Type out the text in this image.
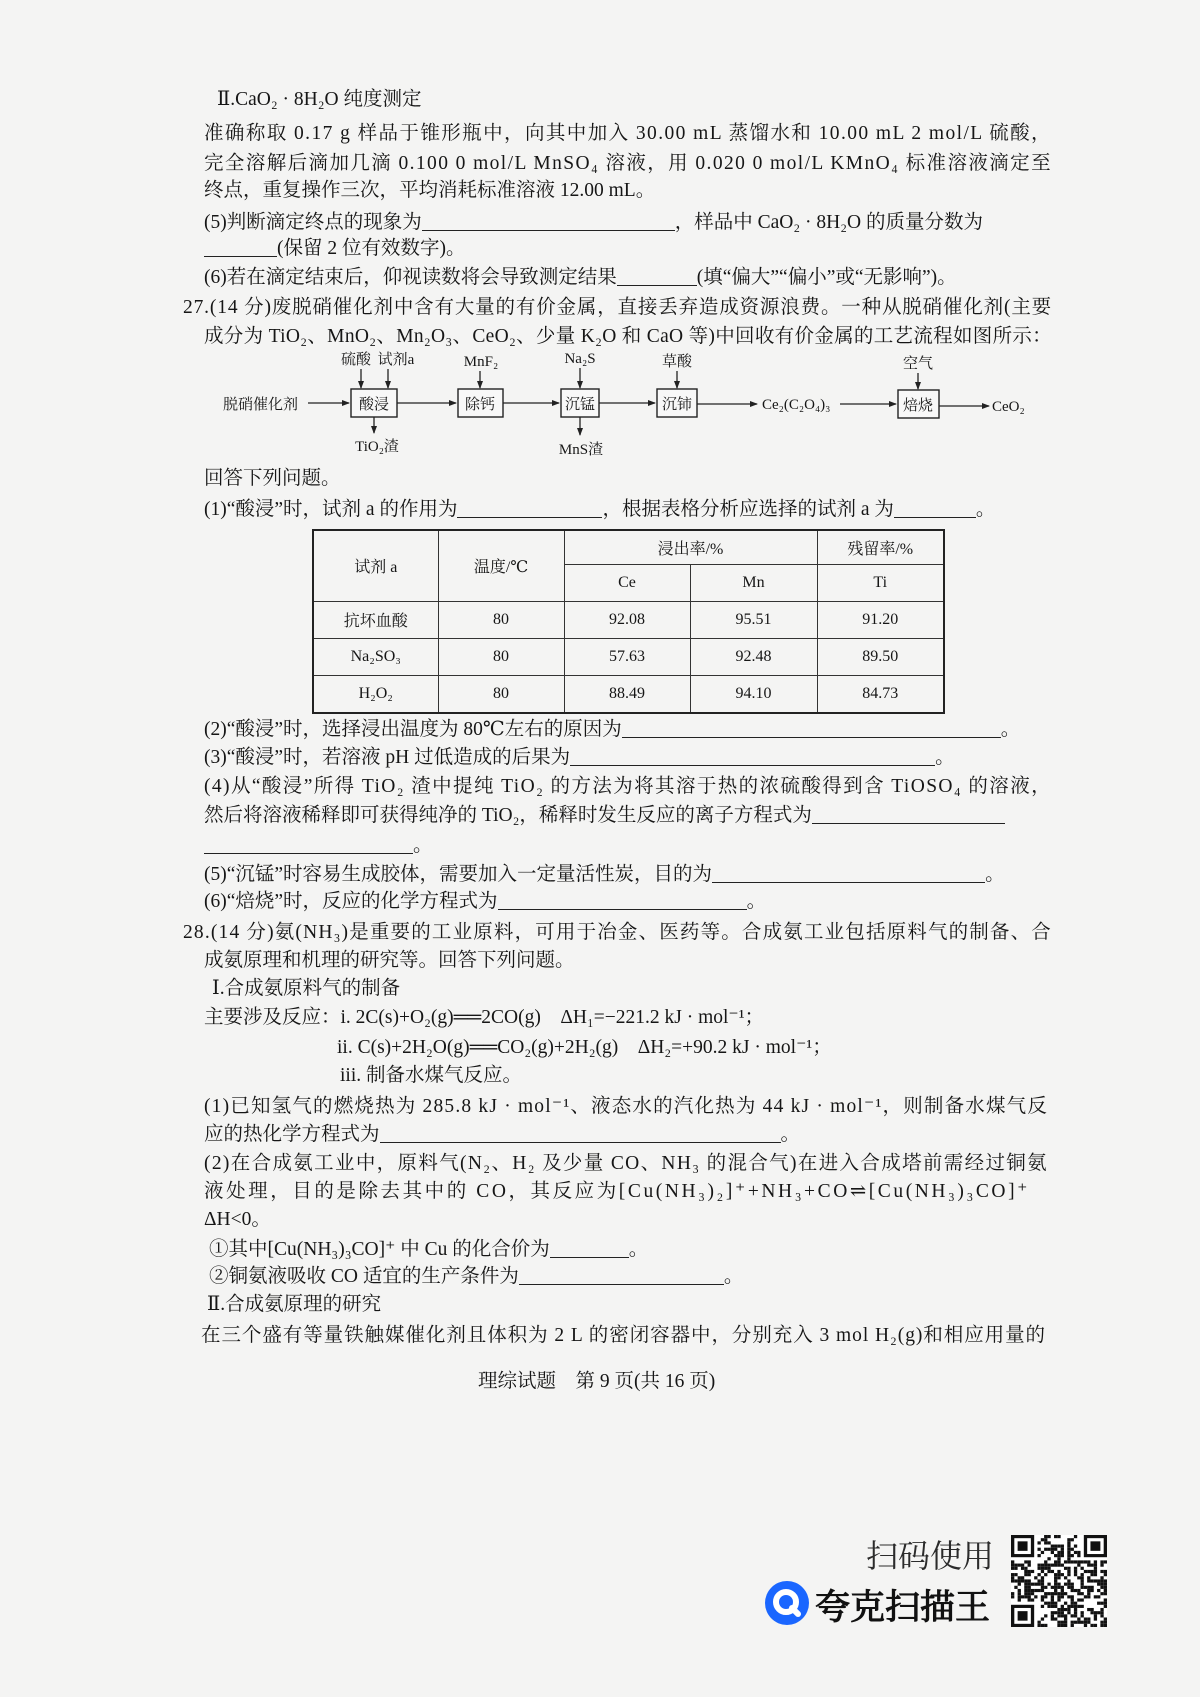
Ⅱ.CaO₂ · 8H₂O 纯度测定
准确称取 0.17 g 样品于锥形瓶中，向其中加入 30.00 mL 蒸馏水和 10.00 mL 2 mol/L 硫酸，
完全溶解后滴加几滴 0.100 0 mol/L MnSO₄ 溶液，用 0.020 0 mol/L KMnO₄ 标准溶液滴定至
终点，重复操作三次，平均消耗标准溶液 12.00 mL。
(5)判断滴定终点的现象为	，样品中 CaO₂ · 8H₂O 的质量分数为
(保留 2 位有效数字)。
(6)若在滴定结束后，仰视读数将会导致测定结果	(填“偏大”“偏小”或“无影响”)。
27.(14 分)废脱硝催化剂中含有大量的有价金属，直接丢弃造成资源浪费。一种从脱硝催化剂(主要
成分为 TiO₂、MnO₂、Mn₂O₃、CeO₂、少量 K₂O 和 CaO 等)中回收有价金属的工艺流程如图所示：
脱硝催化剂	酸浸
硫酸 试剂a
TiO₂渣
除钙
MnF₂
沉锰
Na₂S
MnS渣
沉铈
草酸
Ce₂(C₂O₄)₃	焙烧
空气
CeO₂
回答下列问题。
(1)“酸浸”时，试剂 a 的作用为	，根据表格分析应选择的试剂 a 为	。
试剂 a	温度/℃	浸出率/%		残留率/%
		Ce	Mn	Ti
抗坏血酸	80	92.08	95.51	91.20
Na₂SO₃	80	57.63	92.48	89.50
H₂O₂	80	88.49	94.10	84.73
(2)“酸浸”时，选择浸出温度为 80℃左右的原因为	。
(3)“酸浸”时，若溶液 pH 过低造成的后果为	。
(4)从“酸浸”所得 TiO₂ 渣中提纯 TiO₂ 的方法为将其溶于热的浓硫酸得到含 TiOSO₄ 的溶液，
然后将溶液稀释即可获得纯净的 TiO₂，稀释时发生反应的离子方程式为
。
(5)“沉锰”时容易生成胶体，需要加入一定量活性炭，目的为	。
(6)“焙烧”时，反应的化学方程式为	。
28.(14 分)氨(NH₃)是重要的工业原料，可用于冶金、医药等。合成氨工业包括原料气的制备、合
成氨原理和机理的研究等。回答下列问题。
Ⅰ.合成氨原料气的制备
主要涉及反应：i. 2C(s)+O₂(g)══2CO(g)　ΔH₁=−221.2 kJ · mol⁻¹；
ii. C(s)+2H₂O(g)══CO₂(g)+2H₂(g)　ΔH₂=+90.2 kJ · mol⁻¹；
iii. 制备水煤气反应。
(1)已知氢气的燃烧热为 285.8 kJ · mol⁻¹、液态水的汽化热为 44 kJ · mol⁻¹，则制备水煤气反
应的热化学方程式为	。
(2)在合成氨工业中，原料气(N₂、H₂ 及少量 CO、NH₃ 的混合气)在进入合成塔前需经过铜氨
液处理，目的是除去其中的 CO，其反应为[Cu(NH₃)₂]⁺+NH₃+CO⇌[Cu(NH₃)₃CO]⁺
ΔH<0。
①其中[Cu(NH₃)₃CO]⁺ 中 Cu 的化合价为	。
②铜氨液吸收 CO 适宜的生产条件为	。
Ⅱ.合成氨原理的研究
在三个盛有等量铁触媒催化剂且体积为 2 L 的密闭容器中，分别充入 3 mol H₂(g)和相应用量的
理综试题　第 9 页(共 16 页)
扫码使用
夸克扫描王
